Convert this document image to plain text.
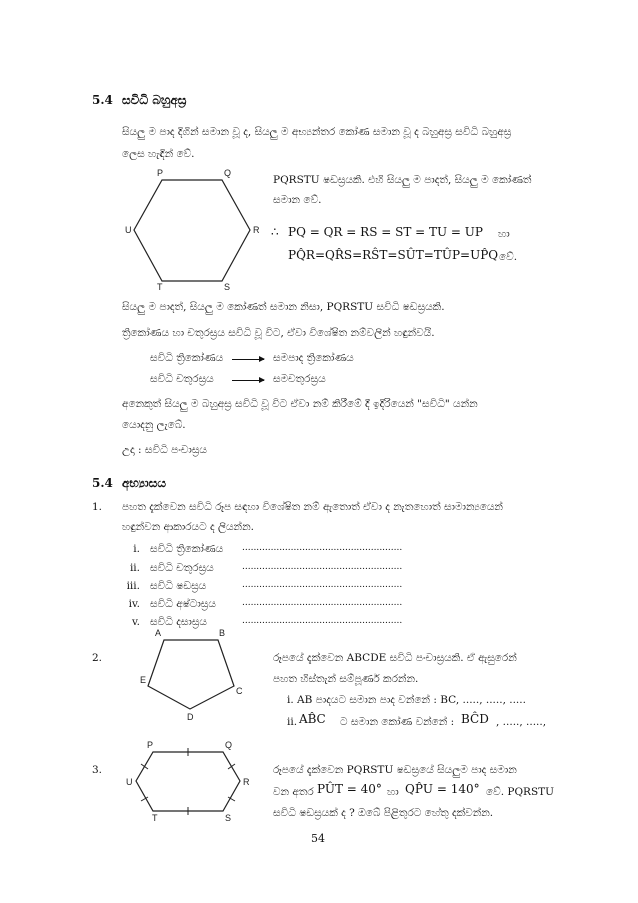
5.4 සවිධි බහුඅස්‍ර
සියලු ම පාද දිගින් සමාන වූ ද, සියලු ම අභ්‍යන්තර කෝණ සමාන වූ ද බහුඅස්‍ර සවිධි බහුඅස්‍ර
ලෙස හැඳින් වේ.
P	Q
R
S
T
U
PQRSTU ෂඩස්‍රයකි. එහි සියලු ම පාදත්, සියලු ම කෝණත්
සමාන වේ.
∴ PQ = QR = RS = ST = TU = UP හා
PQ̂R=QR̂S=RŜT=SÛT=TÛP=UP̂Q වේ.
සියලු ම පාදත්, සියලු ම කෝණත් සමාන නිසා, PQRSTU සවිධි ෂඩස්‍රයකි.
ත්‍රිකෝණය හා චතුරස්‍රය සවිධි වූ විට, ඒවා විශේෂිත නම්වලින් හඳුන්වයි.
සවිධි ත්‍රිකෝණය	සමපාද ත්‍රිකෝණය
සවිධි චතුරස්‍රය	සමචතුරස්‍රය
අනෙකුත් සියලු ම බහුඅස්‍ර සවිධි වූ විට ඒවා නම් කිරීමේ දී ඉදිරියෙන් "සවිධි" යන්න
යොදනු ලැබේ.
උදා : සවිධි පංචාස්‍රය
5.4 අභ්‍යාසය
1. පහත දැක්වෙන සවිධි රූප සඳහා විශේෂිත නම් ඇතොත් ඒවා ද නැතහොත් සාමාන්‍යයෙන්
හඳුන්වන ආකාරයට ද ලියන්න.
i. සවිධි ත්‍රිකෝණය ........................................................
ii. සවිධි චතුරස්‍රය	........................................................
iii. සවිධි ෂඩස්‍රය	........................................................
iv. සවිධි අෂ්ටාස්‍රය	........................................................
v. සවිධි දසාස්‍රය	........................................................
2.
A	B
C
D
E
රූපයේ දැක්වෙන ABCDE සවිධි පංචාස්‍රයකි. ඒ ඇසුරෙන්
පහත හිස්තැන් සම්පූර්ණ කරන්න.
i. AB පාදයට සමාන පාද වන්නේ : BC, ....., ....., .....
ii. AB̂C ට සමාන කෝණ වන්නේ : BĈD , ....., .....,
3.
P	Q
R
S
T
U
රූපයේ දැක්වෙන PQRSTU ෂඩස්‍රයේ සියලුම පාද සමාන
වන අතර PÛT = 40° හා QP̂U = 140° වේ. PQRSTU
සවිධි ෂඩස්‍රයක් ද ? ඔබේ පිළිතුරට හේතු දක්වන්න.
54
